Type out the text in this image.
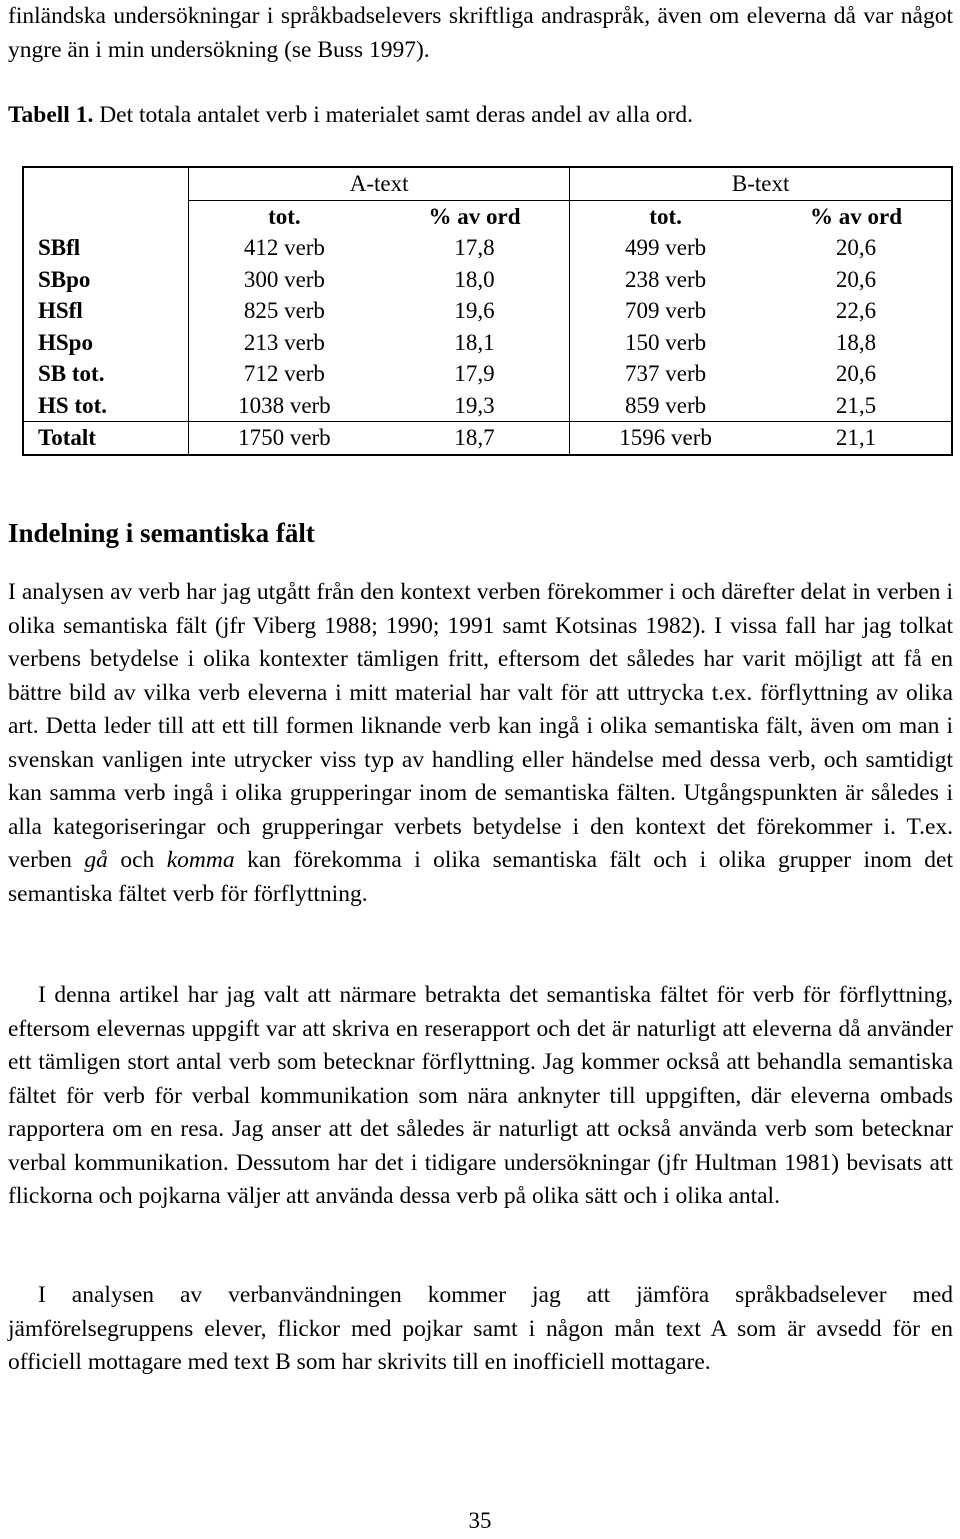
finländska undersökningar i språkbadselevers skriftliga andraspråk, även om eleverna då var något yngre än i min undersökning (se Buss 1997).

Tabell 1. Det totala antalet verb i materialet samt deras andel av alla ord.

	A-text		B-text	
	tot.	% av ord	tot.	% av ord
SBfl	412 verb	17,8	499 verb	20,6
SBpo	300 verb	18,0	238 verb	20,6
HSfl	825 verb	19,6	709 verb	22,6
HSpo	213 verb	18,1	150 verb	18,8
SB tot.	712 verb	17,9	737 verb	20,6
HS tot.	1038 verb	19,3	859 verb	21,5
Totalt	1750 verb	18,7	1596 verb	21,1
Indelning i semantiska fält

I analysen av verb har jag utgått från den kontext verben förekommer i och därefter delat in verben i olika semantiska fält (jfr Viberg 1988; 1990; 1991 samt Kotsinas 1982). I vissa fall har jag tolkat verbens betydelse i olika kontexter tämligen fritt, eftersom det således har varit möjligt att få en bättre bild av vilka verb eleverna i mitt material har valt för att uttrycka t.ex. förflyttning av olika art. Detta leder till att ett till formen liknande verb kan ingå i olika semantiska fält, även om man i svenskan vanligen inte utrycker viss typ av handling eller händelse med dessa verb, och samtidigt kan samma verb ingå i olika grupperingar inom de semantiska fälten. Utgångspunkten är således i alla kategoriseringar och grupperingar verbets betydelse i den kontext det förekommer i. T.ex. verben gå och komma kan förekomma i olika semantiska fält och i olika grupper inom det semantiska fältet verb för förflyttning.

I denna artikel har jag valt att närmare betrakta det semantiska fältet för verb för förflyttning, eftersom elevernas uppgift var att skriva en reserapport och det är naturligt att eleverna då använder ett tämligen stort antal verb som betecknar förflyttning. Jag kommer också att behandla semantiska fältet för verb för verbal kommunikation som nära anknyter till uppgiften, där eleverna ombads rapportera om en resa. Jag anser att det således är naturligt att också använda verb som betecknar verbal kommunikation. Dessutom har det i tidigare undersökningar (jfr Hultman 1981) bevisats att flickorna och pojkarna väljer att använda dessa verb på olika sätt och i olika antal.

I analysen av verbanvändningen kommer jag att jämföra språkbadselever med jämförelsegruppens elever, flickor med pojkar samt i någon mån text A som är avsedd för en officiell mottagare med text B som har skrivits till en inofficiell mottagare.

35
